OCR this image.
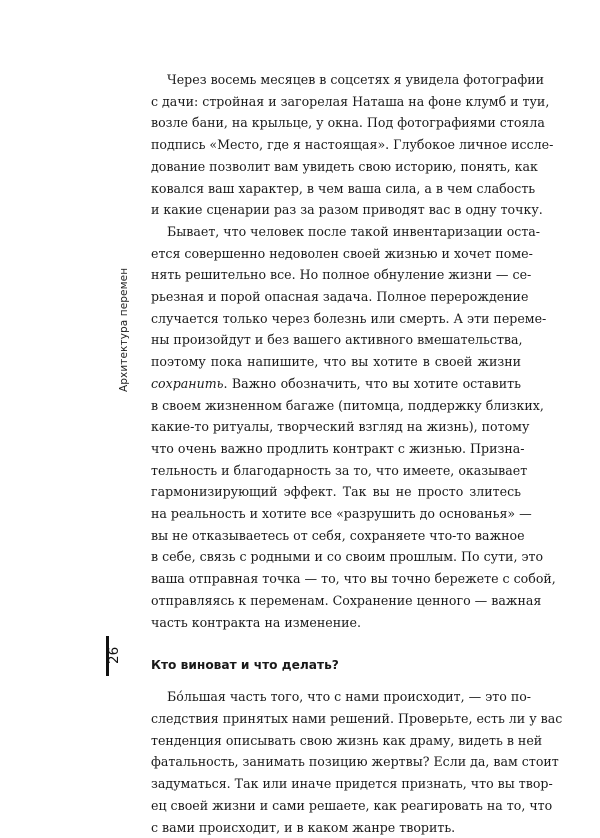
Архитектура перемен
26
Через восемь месяцев в соцсетях я увидела фотографии
с дачи: стройная и загорелая Наташа на фоне клумб и туи,
возле бани, на крыльце, у окна. Под фотографиями стояла
подпись «Место, где я настоящая». Глубокое личное иссле-
дование позволит вам увидеть свою историю, понять, как
ковался ваш характер, в чем ваша сила, а в чем слабость
и какие сценарии раз за разом приводят вас в одну точку.
Бывает, что человек после такой инвентаризации оста-
ется совершенно недоволен своей жизнью и хочет поме-
нять решительно все. Но полное обнуление жизни — се-
рьезная и порой опасная задача. Полное перерождение
случается только через болезнь или смерть. А эти переме-
ны произойдут и без вашего активного вмешательства,
поэтому пока напишите, что вы хотите в своей жизни
сохранить. Важно обозначить, что вы хотите оставить
в своем жизненном багаже (питомца, поддержку близких,
какие-то ритуалы, творческий взгляд на жизнь), потому
что очень важно продлить контракт с жизнью. Призна-
тельность и благодарность за то, что имеете, оказывает
гармонизирующий эффект. Так вы не просто злитесь
на реальность и хотите все «разрушить до основанья» —
вы не отказываетесь от себя, сохраняете что-то важное
в себе, связь с родными и со своим прошлым. По сути, это
ваша отправная точка — то, что вы точно бережете с собой,
отправляясь к переменам. Сохранение ценного — важная
часть контракта на изменение.
Кто виноват и что делать?
Бо́льшая часть того, что с нами происходит, — это по-
следствия принятых нами решений. Проверьте, есть ли у вас
тенденция описывать свою жизнь как драму, видеть в ней
фатальность, занимать позицию жертвы? Если да, вам стоит
задуматься. Так или иначе придется признать, что вы твор-
ец своей жизни и сами решаете, как реагировать на то, что
с вами происходит, и в каком жанре творить.
